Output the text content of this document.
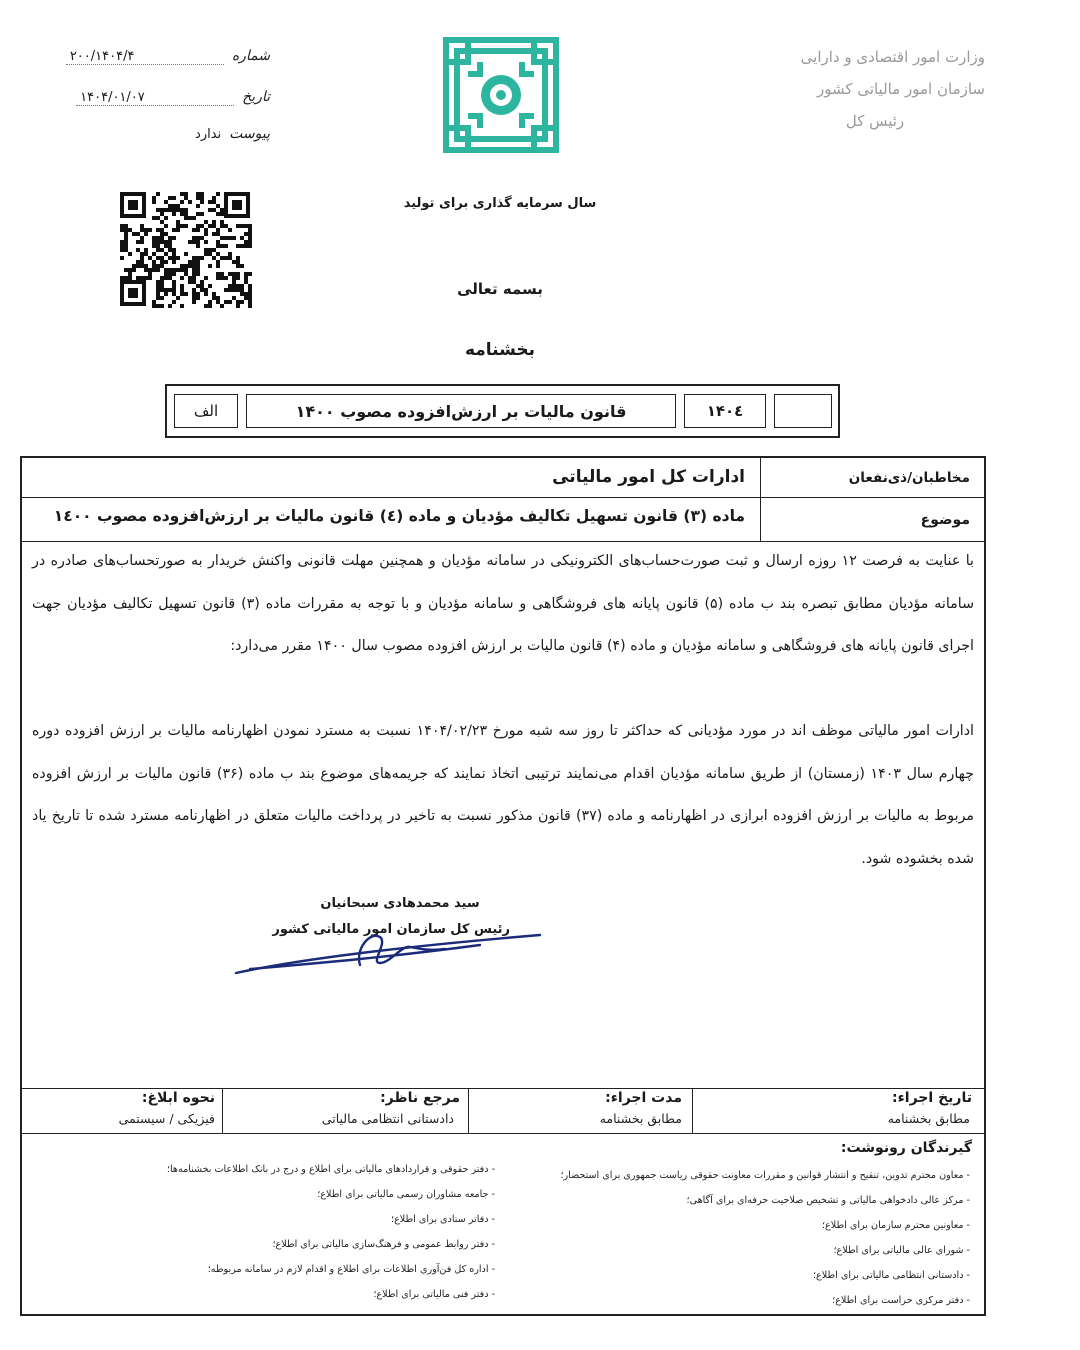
وزارت امور اقتصادی و دارایی
سازمان امور مالیاتی کشور
رئیس کل
شماره
۲۰۰/۱۴۰۴/۴
تاریخ
۱۴۰۴/۰۱/۰۷
پیوست
ندارد
سال سرمایه گذاری برای تولید
بسمه تعالی
بخشنامه
۱۴۰٤
قانون مالیات بر ارزش‌افزوده مصوب ۱۴۰۰
الف
مخاطبان/ذی‌نفعان
ادارات کل امور مالیاتی
موضوع
ماده (۳) قانون تسهیل تکالیف مؤدیان و ماده (٤) قانون مالیات بر ارزش‌افزوده مصوب ۱٤۰۰
با عنایت به فرصت ۱۲ روزه ارسال و ثبت صورت‌حساب‌های الکترونیکی در سامانه مؤدیان و همچنین مهلت قانونی واکنش خریدار به صورتحساب‌های صادره در سامانه مؤدیان مطابق تبصره بند ب ماده (۵) قانون پایانه های فروشگاهی و سامانه مؤدیان و با توجه به مقررات ماده (۳) قانون تسهیل تکالیف مؤدیان جهت اجرای قانون پایانه های فروشگاهی و سامانه مؤدیان و ماده (۴) قانون مالیات بر ارزش افزوده مصوب سال ۱۴۰۰ مقرر می‌دارد:
ادارات امور مالیاتی موظف اند در مورد مؤدیانی که حداکثر تا روز سه شبه مورخ ۱۴۰۴/۰۲/۲۳ نسبت به مسترد نمودن اظهارنامه مالیات بر ارزش افزوده دوره چهارم سال ۱۴۰۳ (زمستان) از طریق سامانه مؤدیان اقدام می‌نمایند ترتیبی اتخاذ نمایند که جریمه‌های موضوع بند ب ماده (۳۶) قانون مالیات بر ارزش افزوده مربوط به مالیات بر ارزش افزوده ابرازی در اظهارنامه و ماده (۳۷) قانون مذکور نسبت به تاخیر در پرداخت مالیات متعلق در اظهارنامه مسترد شده تا تاریخ یاد شده بخشوده شود.
سید محمدهادی سبحانیان
رئیس کل سازمان امور مالیاتی کشور
تاریخ اجراء:
مطابق بخشنامه
مدت اجراء:
مطابق بخشنامه
مرجع ناظر:
دادستانی انتظامی مالیاتی
نحوه ابلاغ:
فیزیکی / سیستمی
گیرندگان رونوشت:
- معاون محترم تدوین، تنقیح و انتشار قوانین و مقررات معاونت حقوقی ریاست جمهوری برای استحضار؛
- مرکز عالی دادخواهی مالیاتی و تشخیص صلاحیت حرفه‌ای برای آگاهی؛
- معاونین محترم سازمان برای اطلاع؛
- شورای عالی مالیاتی برای اطلاع؛
- دادستانی انتظامی مالیاتی برای اطلاع؛
- دفتر مرکزی حراست برای اطلاع؛
- دفتر حقوقی و قراردادهای مالیاتی برای اطلاع و درج در بانک اطلاعات بخشنامه‌ها؛
- جامعه مشاوران رسمی مالیاتی برای اطلاع؛
- دفاتر ستادی برای اطلاع؛
- دفتر روابط عمومی و فرهنگ‌سازی مالیاتی برای اطلاع؛
- اداره کل فن‌آوری اطلاعات برای اطلاع و اقدام لازم در سامانه مربوطه؛
- دفتر فنی مالیاتی برای اطلاع؛
